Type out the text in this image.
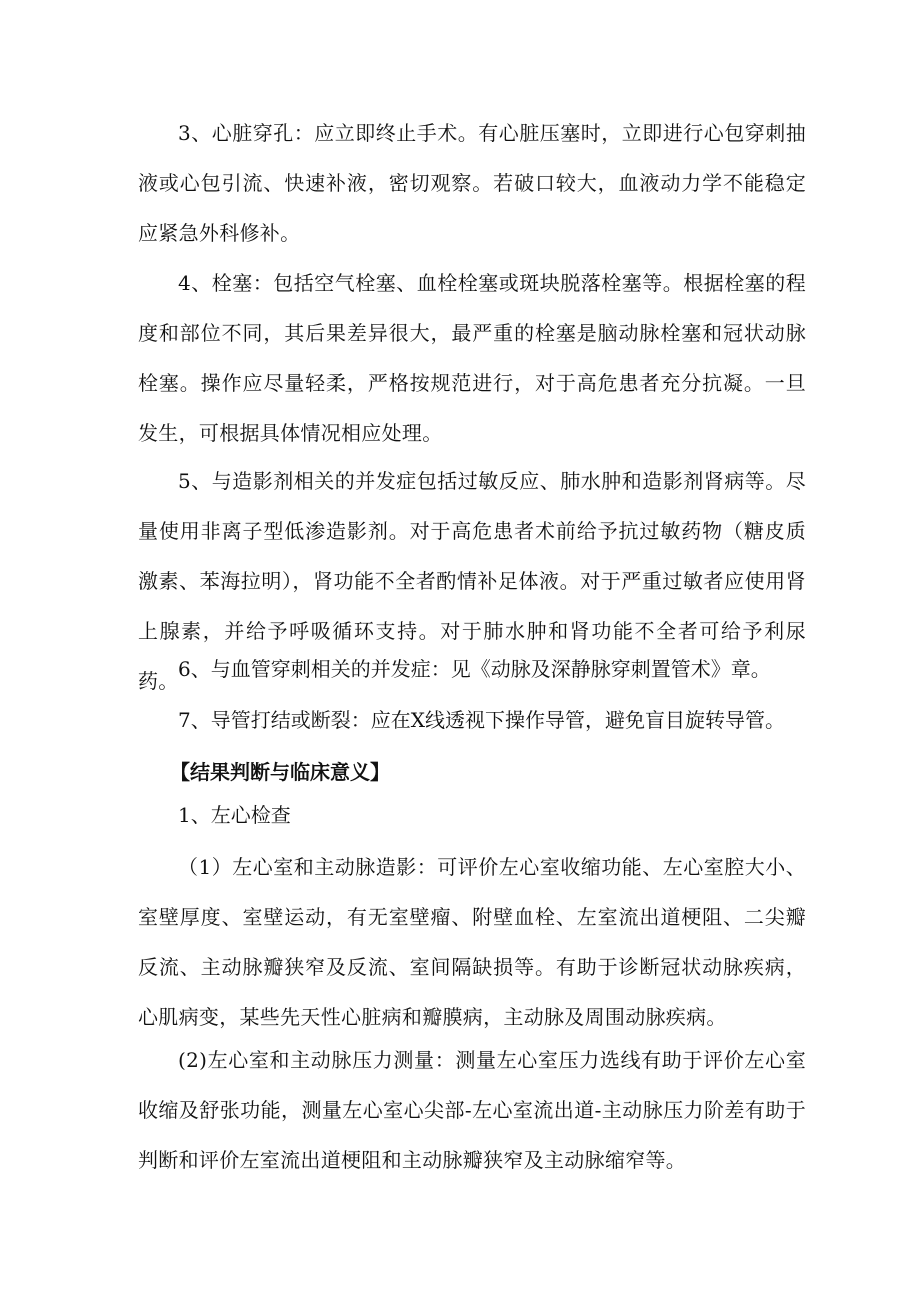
3、心脏穿孔：应立即终止手术。有心脏压塞时，立即进行心包穿刺抽液或心包引流、快速补液，密切观察。若破口较大，血液动力学不能稳定应紧急外科修补。

4、栓塞：包括空气栓塞、血栓栓塞或斑块脱落栓塞等。根据栓塞的程度和部位不同，其后果差异很大，最严重的栓塞是脑动脉栓塞和冠状动脉栓塞。操作应尽量轻柔，严格按规范进行，对于高危患者充分抗凝。一旦发生，可根据具体情况相应处理。

5、与造影剂相关的并发症包括过敏反应、肺水肿和造影剂肾病等。尽量使用非离子型低渗造影剂。对于高危患者术前给予抗过敏药物（糖皮质激素、苯海拉明），肾功能不全者酌情补足体液。对于严重过敏者应使用肾上腺素，并给予呼吸循环支持。对于肺水肿和肾功能不全者可给予利尿药。 6、与血管穿刺相关的并发症：见《动脉及深静脉穿刺置管术》章。

7、导管打结或断裂：应在X线透视下操作导管，避免盲目旋转导管。

【结果判断与临床意义】

1、左心检查

（1）左心室和主动脉造影：可评价左心室收缩功能、左心室腔大小、室壁厚度、室壁运动，有无室壁瘤、附壁血栓、左室流出道梗阻、二尖瓣反流、主动脉瓣狭窄及反流、室间隔缺损等。有助于诊断冠状动脉疾病，心肌病变，某些先天性心脏病和瓣膜病，主动脉及周围动脉疾病。

(2)左心室和主动脉压力测量：测量左心室压力选线有助于评价左心室收缩及舒张功能，测量左心室心尖部-左心室流出道-主动脉压力阶差有助于判断和评价左室流出道梗阻和主动脉瓣狭窄及主动脉缩窄等。
